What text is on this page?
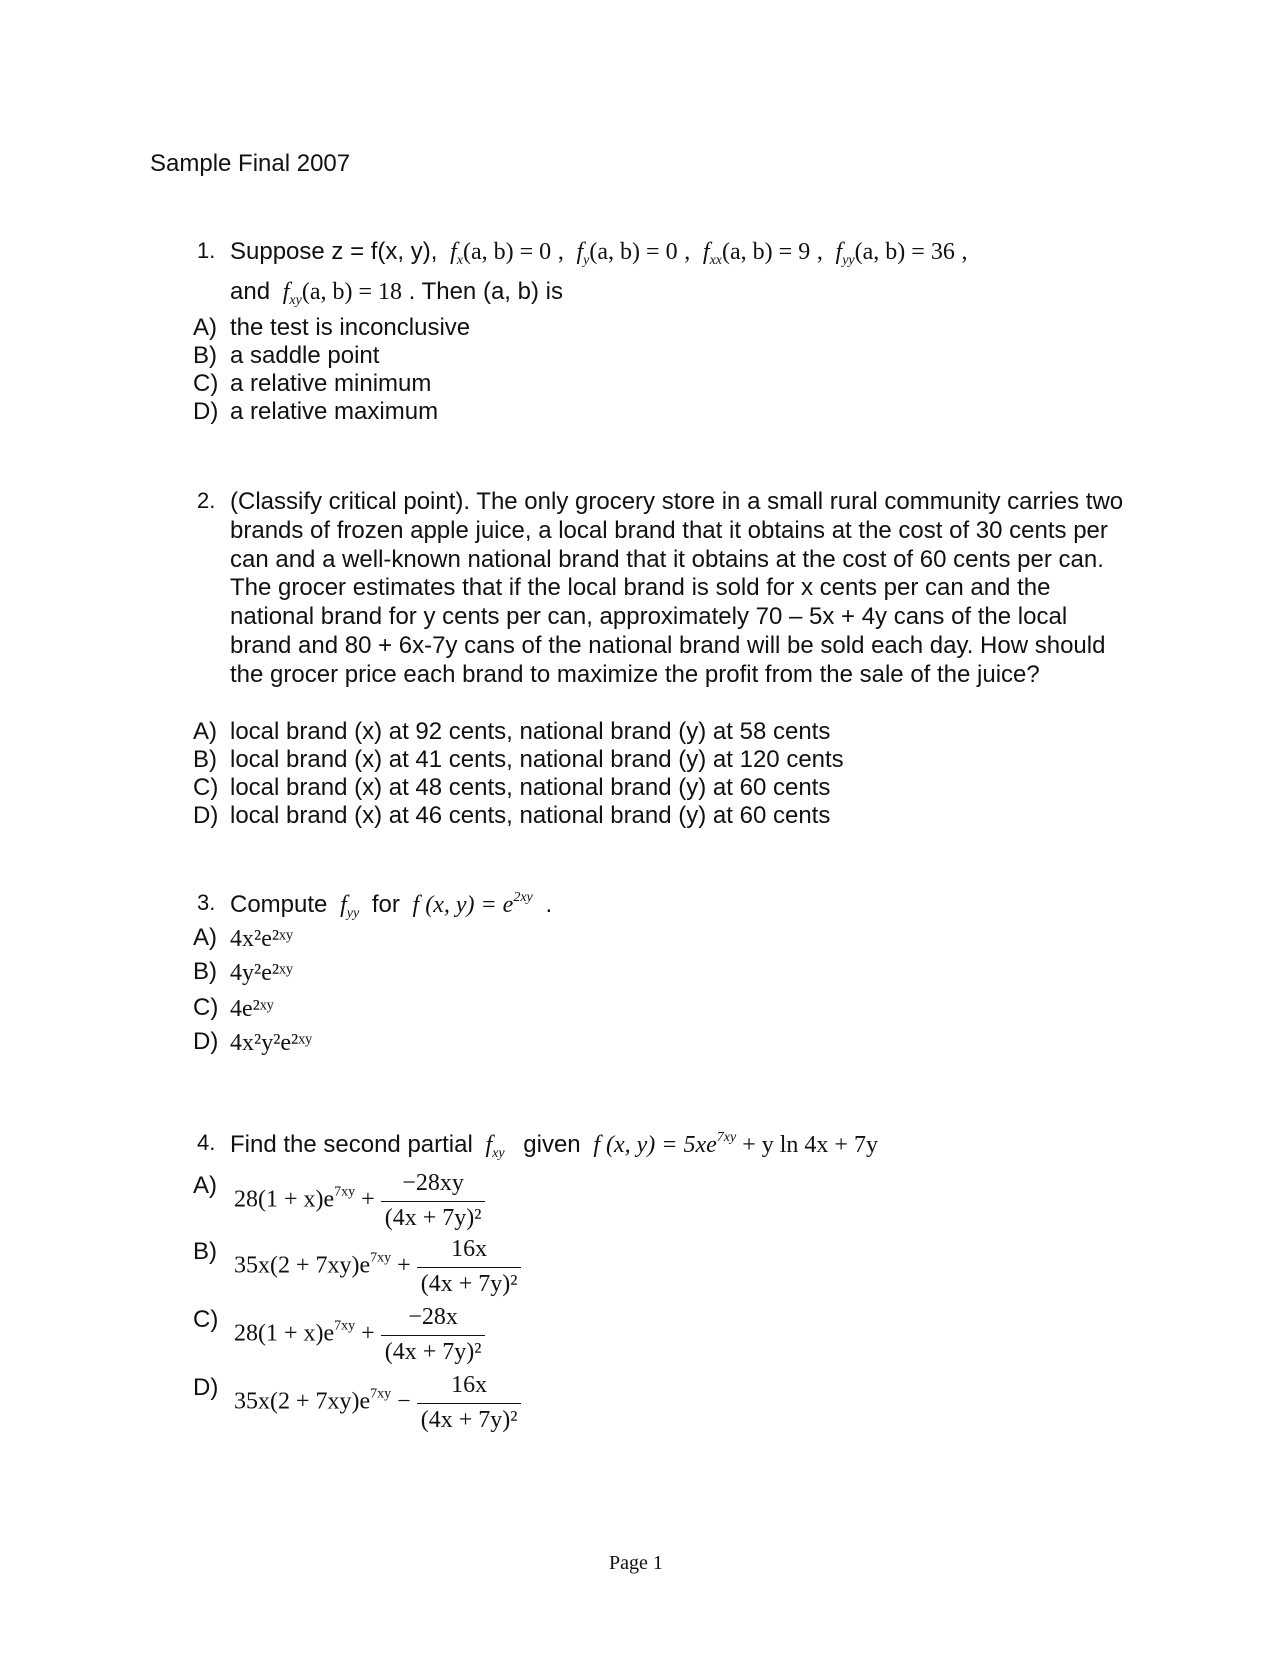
Sample Final 2007
1. Suppose z = f(x, y), $f_x(a$, b) = 0 , $f_y(a$, b) = 0 , $f_{xx}(a$, b) = 9 , $f_{yy}(a$, b) = 36 ,
and $f_{xy}(a$, b) = 18 . Then (a, b) is
A) the test is inconclusive
B) a saddle point
C) a relative minimum
D) a relative maximum
2. (Classify critical point). The only grocery store in a small rural community carries two brands of frozen apple juice, a local brand that it obtains at the cost of 30 cents per can and a well-known national brand that it obtains at the cost of 60 cents per can. The grocer estimates that if the local brand is sold for x cents per can and the national brand for y cents per can, approximately 70 – 5x + 4y cans of the local brand and 80 + 6x-7y cans of the national brand will be sold each day. How should the grocer price each brand to maximize the profit from the sale of the juice?
A) local brand (x) at 92 cents, national brand (y) at 58 cents
B) local brand (x) at 41 cents, national brand (y) at 120 cents
C) local brand (x) at 48 cents, national brand (y) at 60 cents
D) local brand (x) at 46 cents, national brand (y) at 60 cents
3. Compute $f_{yy}$ for f (x, $y) = e^{2xy}$ .
A) 4x²e²ˣʸ
B) 4y²e²ˣʸ
C) 4e²ˣʸ
D) 4x²y²e²ˣʸ
4. Find the second partial $f_{xy}$ given f (x, $y) = 5xe^{7xy} + y$ ln 4x + 7y
A)
$28(1 + x)e^{7xy} + \frac{-28xy}{\text{(4x + 7y)²}}$
B)
$35x(2 + 7xy)e^{7xy} + \frac{16x}{\text{(4x + 7y)²}}$
C)
$28(1 + x)e^{7xy} + \frac{-28x}{\text{(4x + 7y)²}}$
D)
$35x(2 + 7xy)e^{7xy} - \frac{16x}{\text{(4x + 7y)²}}$
Page 1
